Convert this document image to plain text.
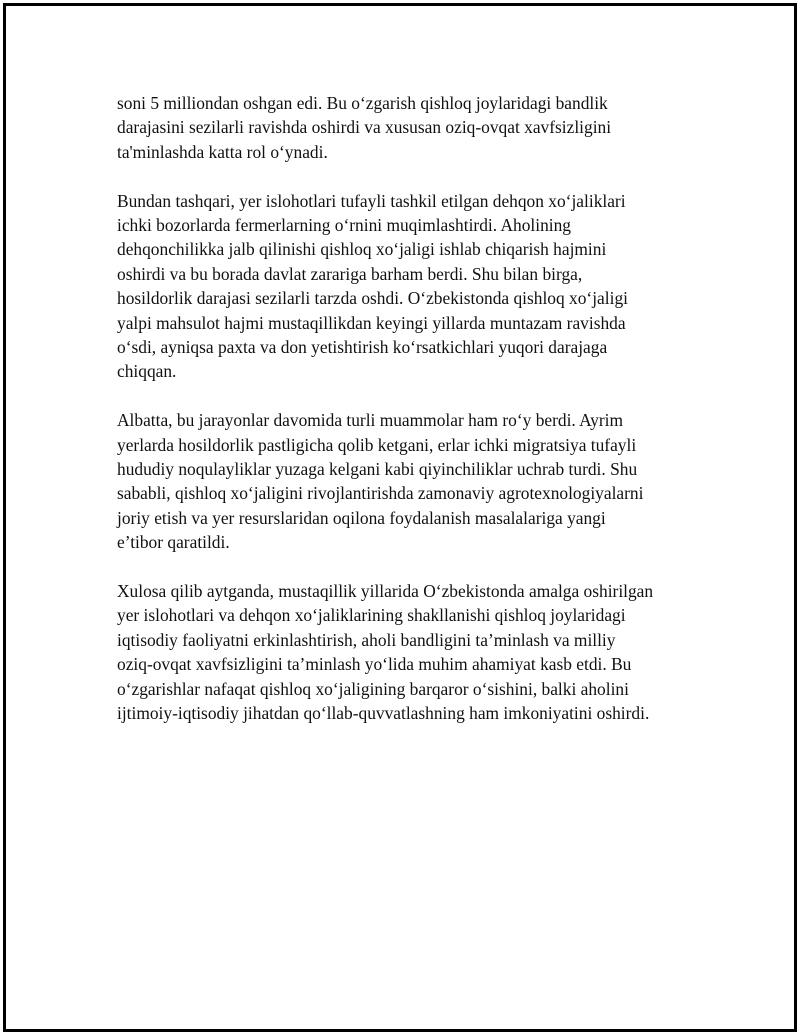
soni 5 milliondan oshgan edi. Bu o‘zgarish qishloq joylaridagi bandlik
darajasini sezilarli ravishda oshirdi va xususan oziq-ovqat xavfsizligini
ta'minlashda katta rol o‘ynadi.

Bundan tashqari, yer islohotlari tufayli tashkil etilgan dehqon xo‘jaliklari
ichki bozorlarda fermerlarning o‘rnini muqimlashtirdi. Aholining
dehqonchilikka jalb qilinishi qishloq xo‘jaligi ishlab chiqarish hajmini
oshirdi va bu borada davlat zarariga barham berdi. Shu bilan birga,
hosildorlik darajasi sezilarli tarzda oshdi. O‘zbekistonda qishloq xo‘jaligi
yalpi mahsulot hajmi mustaqillikdan keyingi yillarda muntazam ravishda
o‘sdi, ayniqsa paxta va don yetishtirish ko‘rsatkichlari yuqori darajaga
chiqqan.

Albatta, bu jarayonlar davomida turli muammolar ham ro‘y berdi. Ayrim
yerlarda hosildorlik pastligicha qolib ketgani, erlar ichki migratsiya tufayli
hududiy noqulayliklar yuzaga kelgani kabi qiyinchiliklar uchrab turdi. Shu
sababli, qishloq xo‘jaligini rivojlantirishda zamonaviy agrotexnologiyalarni
joriy etish va yer resurslaridan oqilona foydalanish masalalariga yangi
e’tibor qaratildi.

Xulosa qilib aytganda, mustaqillik yillarida O‘zbekistonda amalga oshirilgan
yer islohotlari va dehqon xo‘jaliklarining shakllanishi qishloq joylaridagi
iqtisodiy faoliyatni erkinlashtirish, aholi bandligini ta’minlash va milliy
oziq-ovqat xavfsizligini ta’minlash yo‘lida muhim ahamiyat kasb etdi. Bu
o‘zgarishlar nafaqat qishloq xo‘jaligining barqaror o‘sishini, balki aholini
ijtimoiy-iqtisodiy jihatdan qo‘llab-quvvatlashning ham imkoniyatini oshirdi.
